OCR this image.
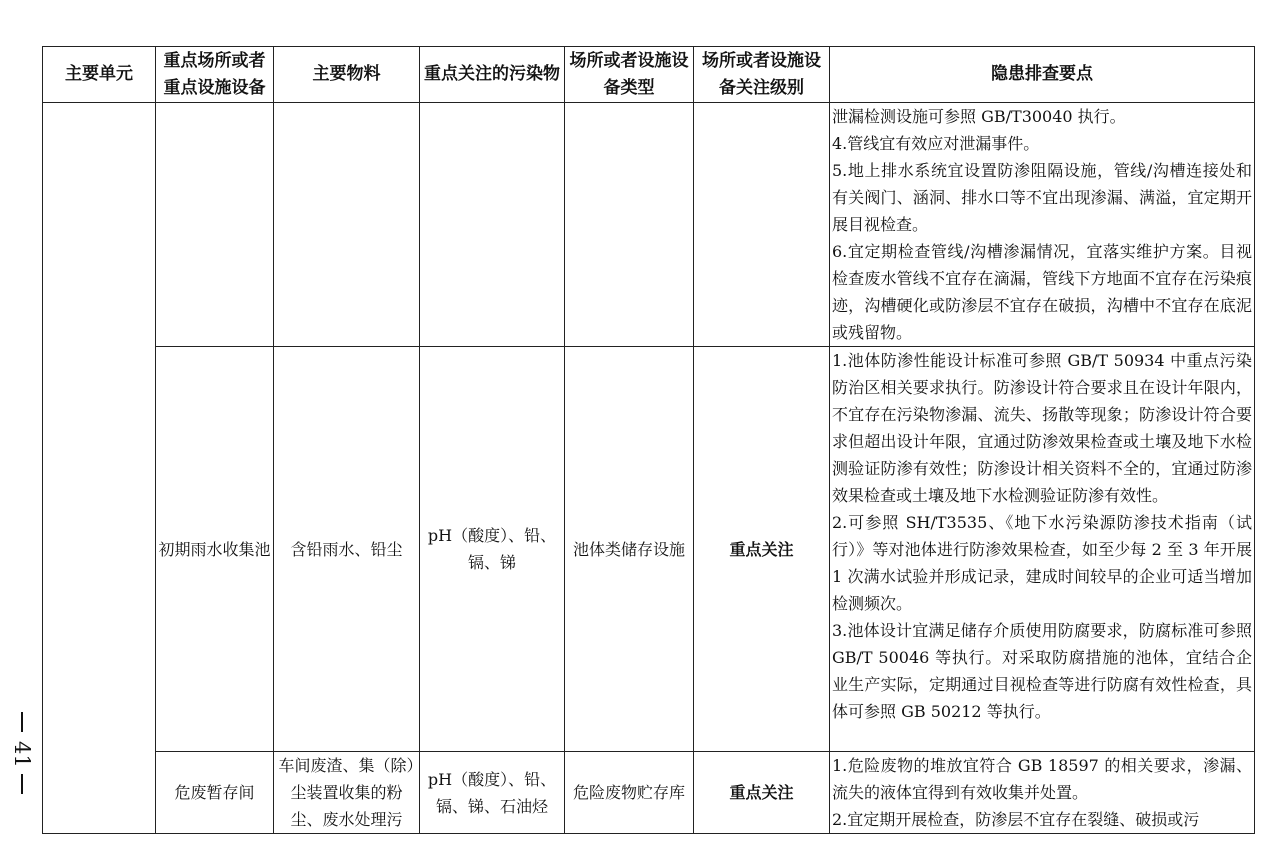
41
主要单元	重点场所或者重点设施设备	主要物料	重点关注的污染物	场所或者设施设备类型	场所或者设施设备关注级别	隐患排查要点

						泄漏检测设施可参照 GB/T30040 执行。

4.管线宜有效应对泄漏事件。

5.地上排水系统宜设置防渗阻隔设施，管线/沟槽连接处和有关阀门、涵洞、排水口等不宜出现渗漏、满溢，宜定期开展目视检查。

6.宜定期检查管线/沟槽渗漏情况，宜落实维护方案。目视检查废水管线不宜存在滴漏，管线下方地面不宜存在污染痕迹，沟槽硬化或防渗层不宜存在破损，沟槽中不宜存在底泥或残留物。

	初期雨水收集池	含铅雨水、铅尘	pH（酸度）、铅、镉、锑	池体类储存设施	重点关注	1.池体防渗性能设计标准可参照 GB/T 50934 中重点污染防治区相关要求执行。防渗设计符合要求且在设计年限内，不宜存在污染物渗漏、流失、扬散等现象；防渗设计符合要求但超出设计年限，宜通过防渗效果检查或土壤及地下水检测验证防渗有效性；防渗设计相关资料不全的，宜通过防渗效果检查或土壤及地下水检测验证防渗有效性。

2.可参照 SH/T3535、《地下水污染源防渗技术指南（试行）》等对池体进行防渗效果检查，如至少每 2 至 3 年开展 1 次满水试验并形成记录，建成时间较早的企业可适当增加检测频次。

3.池体设计宜满足储存介质使用防腐要求，防腐标准可参照 GB/T 50046 等执行。对采取防腐措施的池体，宜结合企业生产实际，定期通过目视检查等进行防腐有效性检查，具体可参照 GB 50212 等执行。

	危废暂存间	车间废渣、集（除）尘装置收集的粉尘、废水处理污	pH（酸度）、铅、镉、锑、石油烃	危险废物贮存库	重点关注	1.危险废物的堆放宜符合 GB 18597 的相关要求，渗漏、流失的液体宜得到有效收集并处置。

2.宜定期开展检查，防渗层不宜存在裂缝、破损或污
